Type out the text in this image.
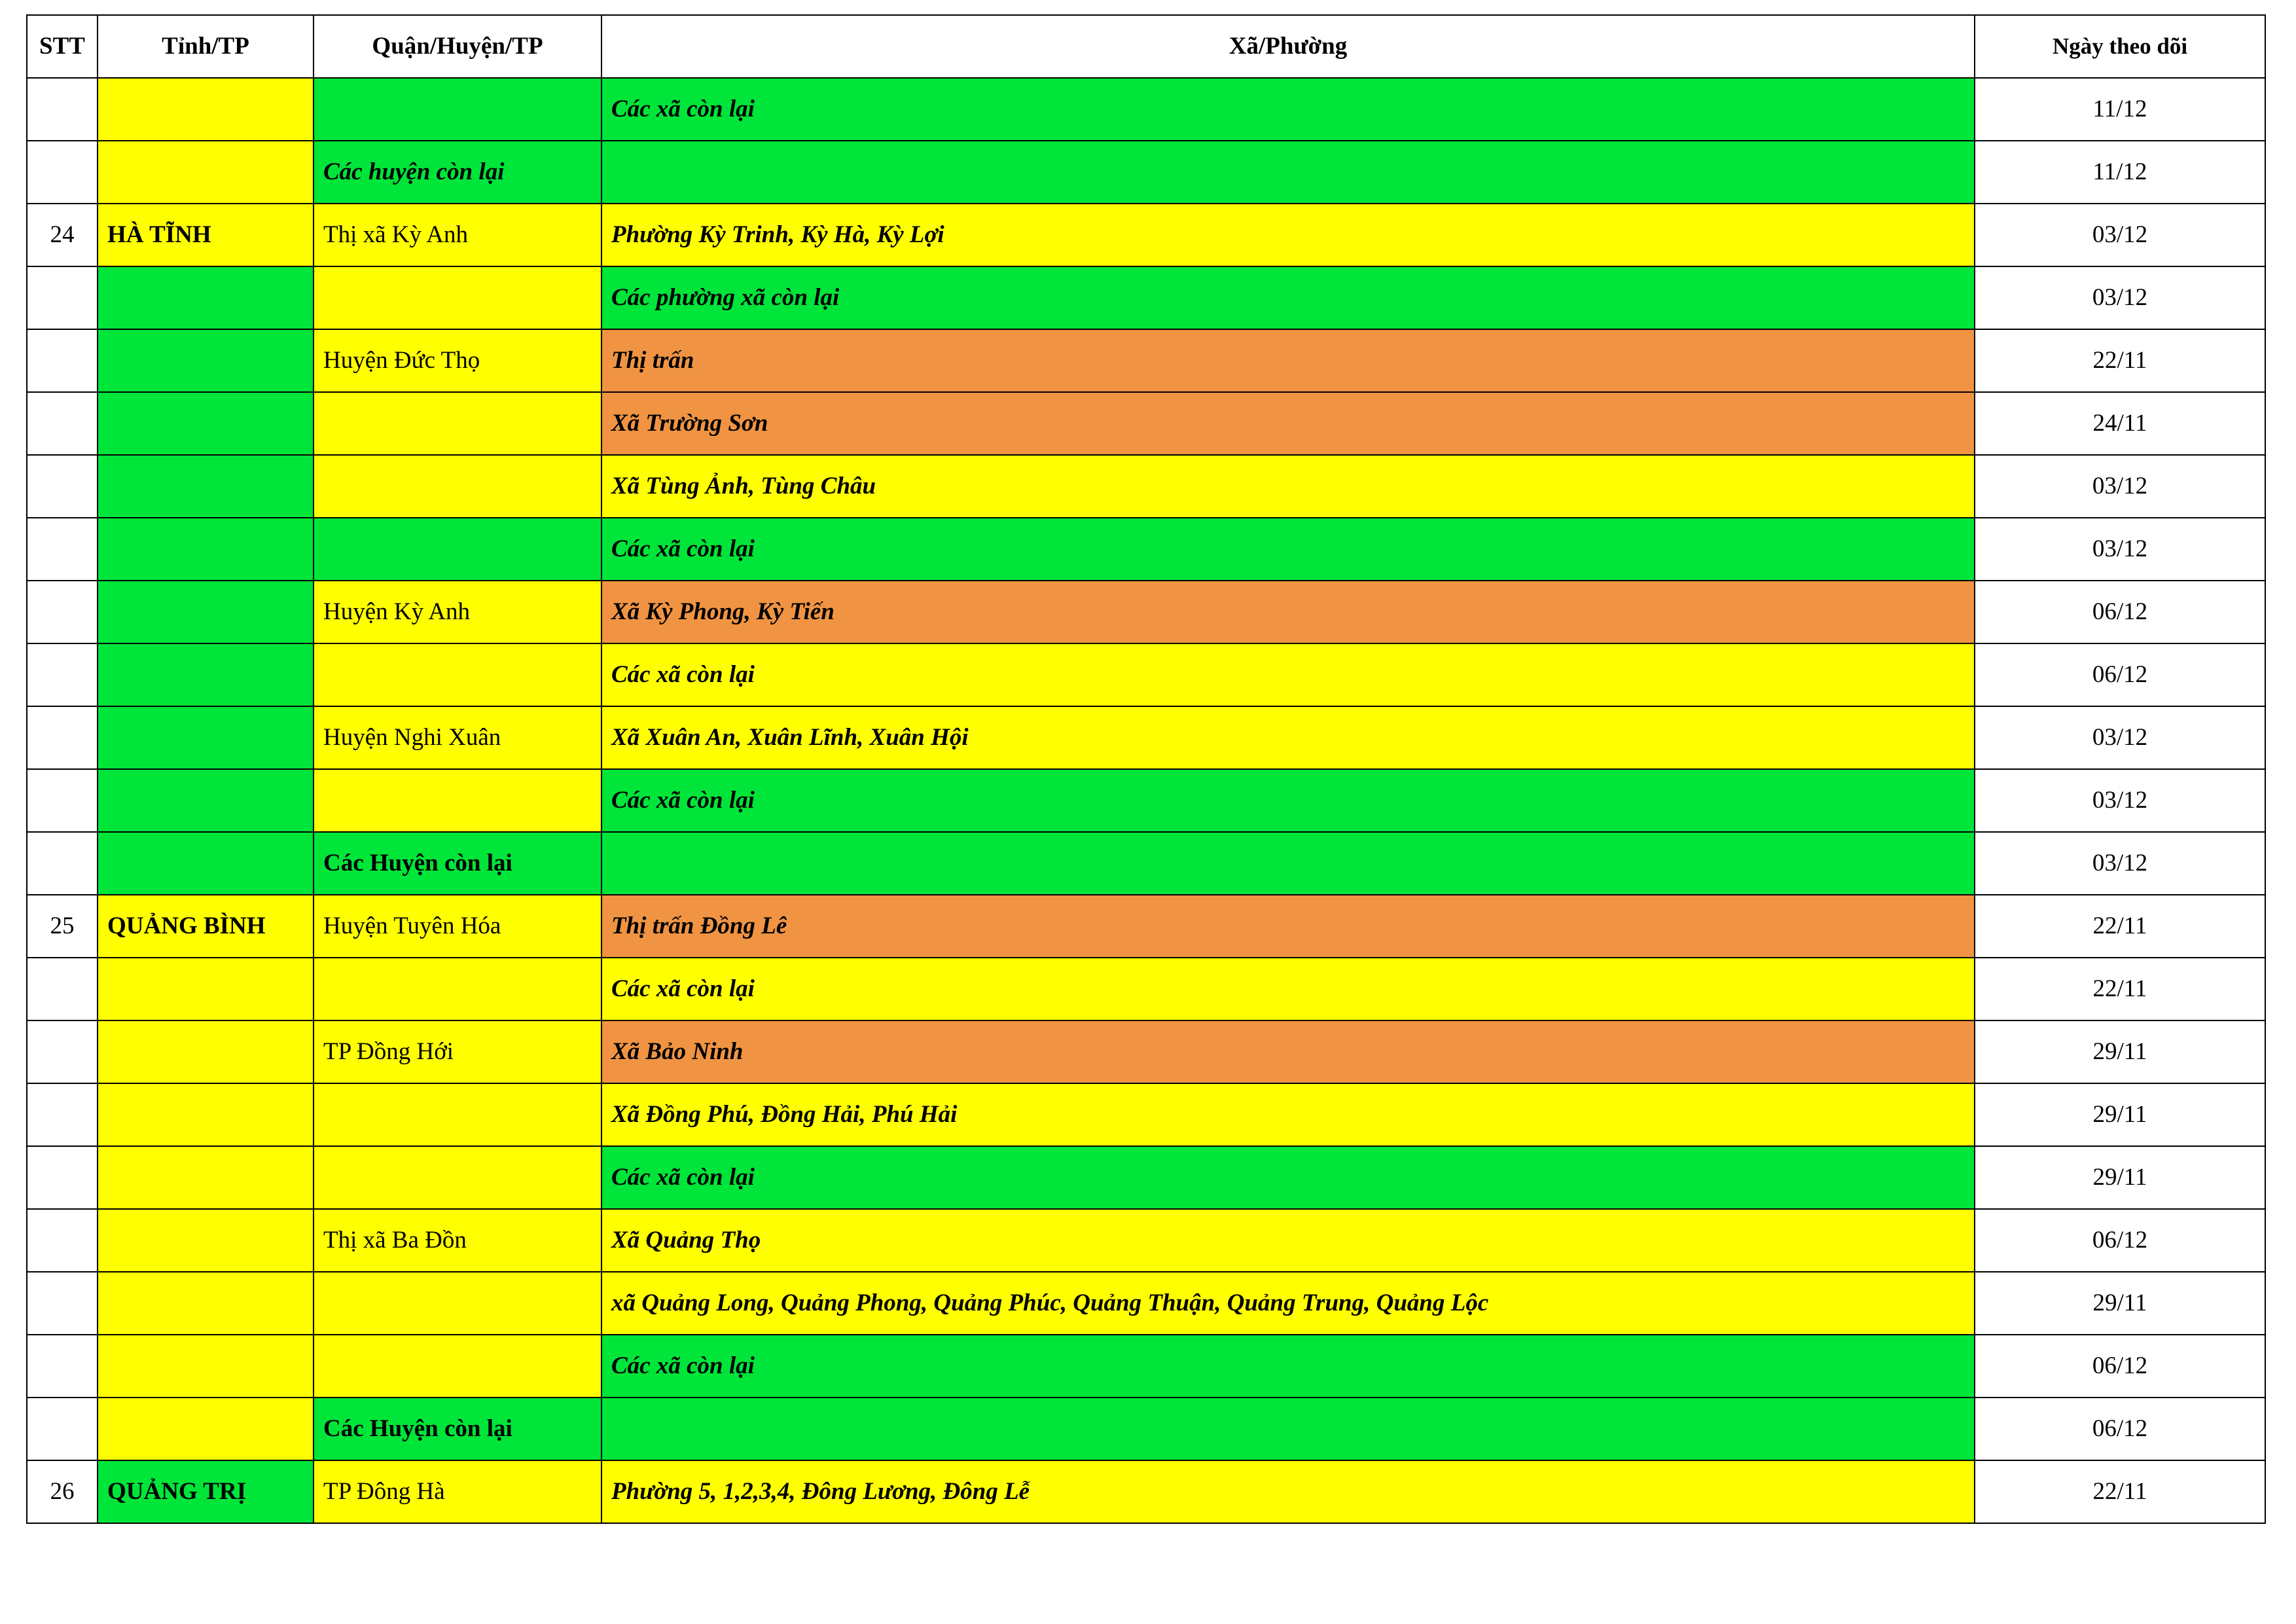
STT	Tỉnh/TP	Quận/Huyện/TP	Xã/Phường	Ngày theo dõi
			Các xã còn lại	11/12
		Các huyện còn lại		11/12
24	HÀ TĨNH	Thị xã Kỳ Anh	Phường Kỳ Trinh, Kỳ Hà, Kỳ Lợi	03/12
			Các phường xã còn lại	03/12
		Huyện Đức Thọ	Thị trấn	22/11
			Xã Trường Sơn	24/11
			Xã Tùng Ảnh, Tùng Châu	03/12
			Các xã còn lại	03/12
		Huyện Kỳ Anh	Xã Kỳ Phong, Kỳ Tiến	06/12
			Các xã còn lại	06/12
		Huyện Nghi Xuân	Xã Xuân An, Xuân Lĩnh, Xuân Hội	03/12
			Các xã còn lại	03/12
		Các Huyện còn lại		03/12
25	QUẢNG BÌNH	Huyện Tuyên Hóa	Thị trấn Đồng Lê	22/11
			Các xã còn lại	22/11
		TP Đồng Hới	Xã Bảo Ninh	29/11
			Xã Đồng Phú, Đồng Hải, Phú Hải	29/11
			Các xã còn lại	29/11
		Thị xã Ba Đồn	Xã Quảng Thọ	06/12
			xã Quảng Long, Quảng Phong, Quảng Phúc, Quảng Thuận, Quảng Trung, Quảng Lộc	29/11
			Các xã còn lại	06/12
		Các Huyện còn lại		06/12
26	QUẢNG TRỊ	TP Đông Hà	Phường 5, 1,2,3,4, Đông Lương, Đông Lễ	22/11
